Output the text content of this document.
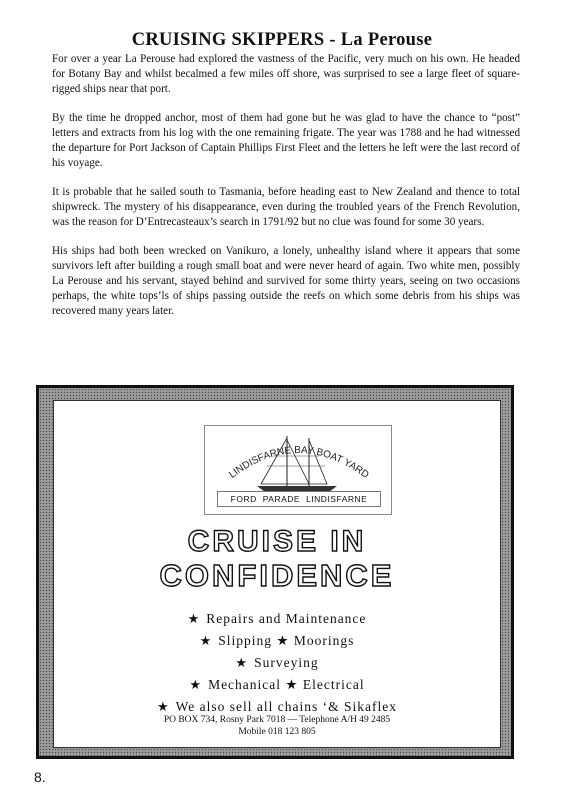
CRUISING SKIPPERS - La Perouse

For over a year La Perouse had explored the vastness of the Pacific, very much on his own. He headed for Botany Bay and whilst becalmed a few miles off shore, was surprised to see a large fleet of square-rigged ships near that port.

By the time he dropped anchor, most of them had gone but he was glad to have the chance to “post” letters and extracts from his log with the one remaining frigate. The year was 1788 and he had witnessed the departure for Port Jackson of Captain Phillips First Fleet and the letters he left were the last record of his voyage.

It is probable that he sailed south to Tasmania, before heading east to New Zealand and thence to total shipwreck. The mystery of his disappearance, even during the troubled years of the French Revolution, was the reason for D’Entrecasteaux’s search in 1791/92 but no clue was found for some 30 years.

His ships had both been wrecked on Vanikuro, a lonely, unhealthy island where it appears that some survivors left after building a rough small boat and were never heard of again. Two white men, possibly La Perouse and his servant, stayed behind and survived for some thirty years, seeing on two occasions perhaps, the white tops’ls of ships passing outside the reefs on which some debris from his ships was recovered many years later.

LINDISFARNE BAY BOAT YARD
FORD PARADE LINDISFARNE
CRUISE IN
CONFIDENCE
★ Repairs and Maintenance
★ Slipping ★ Moorings
★ Surveying
★ Mechanical ★ Electrical
★ We also sell all chains ‘& Sikaflex
PO BOX 734, Rosny Park 7018 — Telephone A/H 49 2485
Mobile 018 123 805
8.
